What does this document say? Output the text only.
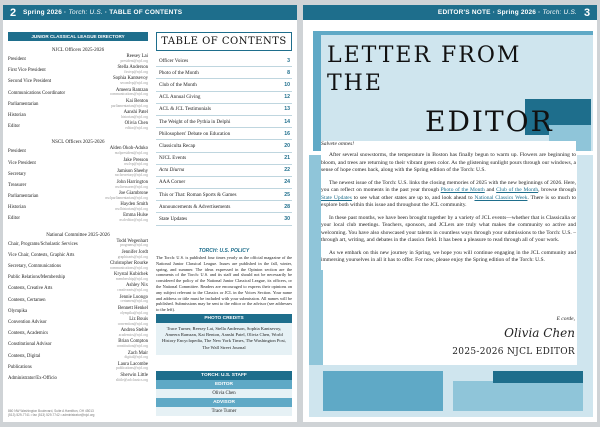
2	Spring 2026 · Torch: U.S. · TABLE OF CONTENTS
JUNIOR CLASSICAL LEAGUE DIRECTORY
NJCL Officers 2025-2026
President
Reesey Lai
president@njcl.org
First Vice President
Stella Anderson
firstvp@njcl.org
Second Vice President
Sophia Kantsevoy
secondvp@njcl.org
Communications Coordinator
Ameera Ramzan
communications@njcl.org
Parliamentarian
Kai Benton
parliamentarian@njcl.org
Historian
Aanshi Patel
historian@njcl.org
Editor
Olivia Chen
editor@njcl.org
NSCL Officers 2025-2026
President
Alden Okoh-Aduko
nsclpresident@njcl.org
Vice President
Jake Presson
nsclvp@njcl.org
Secretary
Jamison Sheehy
nsclsecretary@njcl.org
Treasurer
John Harrington
nscltreasurer@njcl.org
Parliamentarian
Joe Giambrone
nsclparliamentarian@njcl.org
Historian
Hayden Smith
nsclhistorian@njcl.org
Editor
Emma Hulse
nscleditor@njcl.org
National Committee 2025-2026
Chair, Programs/Scholastic Services
Todd Wegenhart
programs@njcl.org
Vice Chair, Contests, Graphic Arts
Jennifer Jordt
graphicarts@njcl.org
Secretary, Communications
Christopher Rourke
communications@njcl.org
Public Relations/Membership
Krystal Kubichek
membership@njcl.org
Contests, Creative Arts
Ashley Nix
creativearts@njcl.org
Contests, Certamen
Jennie Luongo
certamen@njcl.org
Olympika
Bennett Henkel
olympika@njcl.org
Convention Advisor
Liz Bouis
convention@njcl.org
Contests, Academics
Andrea Stehle
academics@njcl.org
Constitutional Advisor
Brian Compton
constitution@njcl.org
Contests, Digital
Zach Mair
digital@njcl.org
Publications
Laura Lacombe
publications@njcl.org
Administrator/Ex-Officio
Sherwin Little
slittle@aclclassics.org
860 NW Washington Boulevard, Suite A Hamilton, OH 45013
(513) 529-7741 • fax (513) 529-7742 • administrator@njcl.org
TABLE OF CONTENTS
Officer Voices	3
Photo of the Month	8
Club of the Month	10
ACL Annual Giving	12
ACL & JCL Testimonials	13
The Weight of the Pythia in Delphi	14
Philosophers' Debate on Education	16
Classiculta Recap	20
NJCL Events	21
Acta Diurna	22
AAA Corner	24
This or That: Roman Sports & Games	25
Announcements & Advertisements	28
State Updates	30
TORCH: U.S. POLICY
The Torch: U.S. is published four times yearly as the official magazine of the National Junior Classical League. Issues are published in the fall, winter, spring, and summer. The ideas expressed in the Opinion section are the comments of the Torch: U.S. and its staff and should not be necessarily be considered the policy of the National Junior Classical League, its officers, or the National Committee. Readers are encouraged to express their opinions on any subject relevant to the Classics or JCL in the Voices Section. Your name and address or title must be included with your submission. All names will be published. Submissions may be sent to the editor or the advisor (see addresses to the left).
PHOTO CREDITS
Trace Turner, Reesey Lai, Stella Anderson, Sophia Kantsevoy, Ameera Ramzan, Kai Benton, Aanshi Patel, Olivia Chen, World History Encyclopedia, The New York Times, The Washington Post, The Wall Street Journal
TORCH: U.S. STAFF
EDITOR
Olivia Chen
ADVISOR
Trace Turner
EDITOR'S NOTE · Spring 2026 · Torch: U.S. 3
LETTER FROM
THE
EDITOR

Salvete omnes!

After several snowstorms, the temperature in Boston has finally begun to warm up. Flowers are beginning to bloom, and trees are returning to their vibrant green color. As the glistening sunlight pours through our windows, a sense of hope comes back, along with the Spring edition of the Torch: U.S.

The newest issue of the Torch: U.S. links the closing memories of 2025 with the new beginnings of 2026. Here, you can reflect on moments in the past year through Photo of the Month and Club of the Month, browse through State Updates to see what other states are up to, and look ahead to National Classics Week. There is so much to explore both within this issue and throughout the JCL community.

In these past months, we have been brought together by a variety of JCL events—whether that is Classicalia or your local club meetings. Teachers, sponsors, and JCLers are truly what makes the community so active and welcoming. You have also showcased your talents in countless ways through your submissions to the Torch: U.S. – through art, writing, and debates in the classics field. It has been a pleasure to read through all of your work.

As we embark on this new journey in Spring, we hope you will continue engaging in the JCL community and immersing yourselves in all it has to offer. For now, please enjoy the Spring edition of the Torch: U.S.

E corde,
Olivia Chen
2025-2026 NJCL EDITOR
